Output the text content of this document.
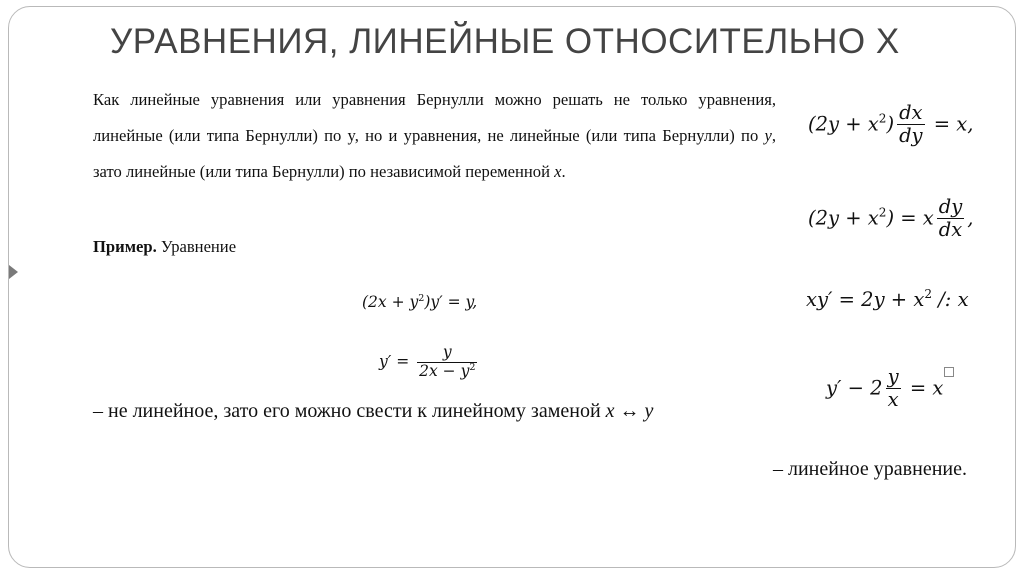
УРАВНЕНИЯ, ЛИНЕЙНЫЕ ОТНОСИТЕЛЬНО X
Как линейные уравнения или уравнения Бернулли можно решать не только уравнения, линейные (или типа Бернулли) по y, но и уравнения, не линейные (или типа Бернулли) по y, зато линейные (или типа Бернулли) по независимой переменной x.
Пример. Уравнение
$(2x + y^2)y' = y$,
$y' = \frac{y}{2x - y^2}$
– не линейное, зато его можно свести к линейному заменой x ↔ y
$(2y + x^2) \frac{dx}{dy} = x$,
$(2y + x^2) = x \frac{dy}{dx}$ ,
$xy' = 2y + x^2$ /: x
$y' - 2 \frac{y}{x} = x$
– линейное уравнение.
